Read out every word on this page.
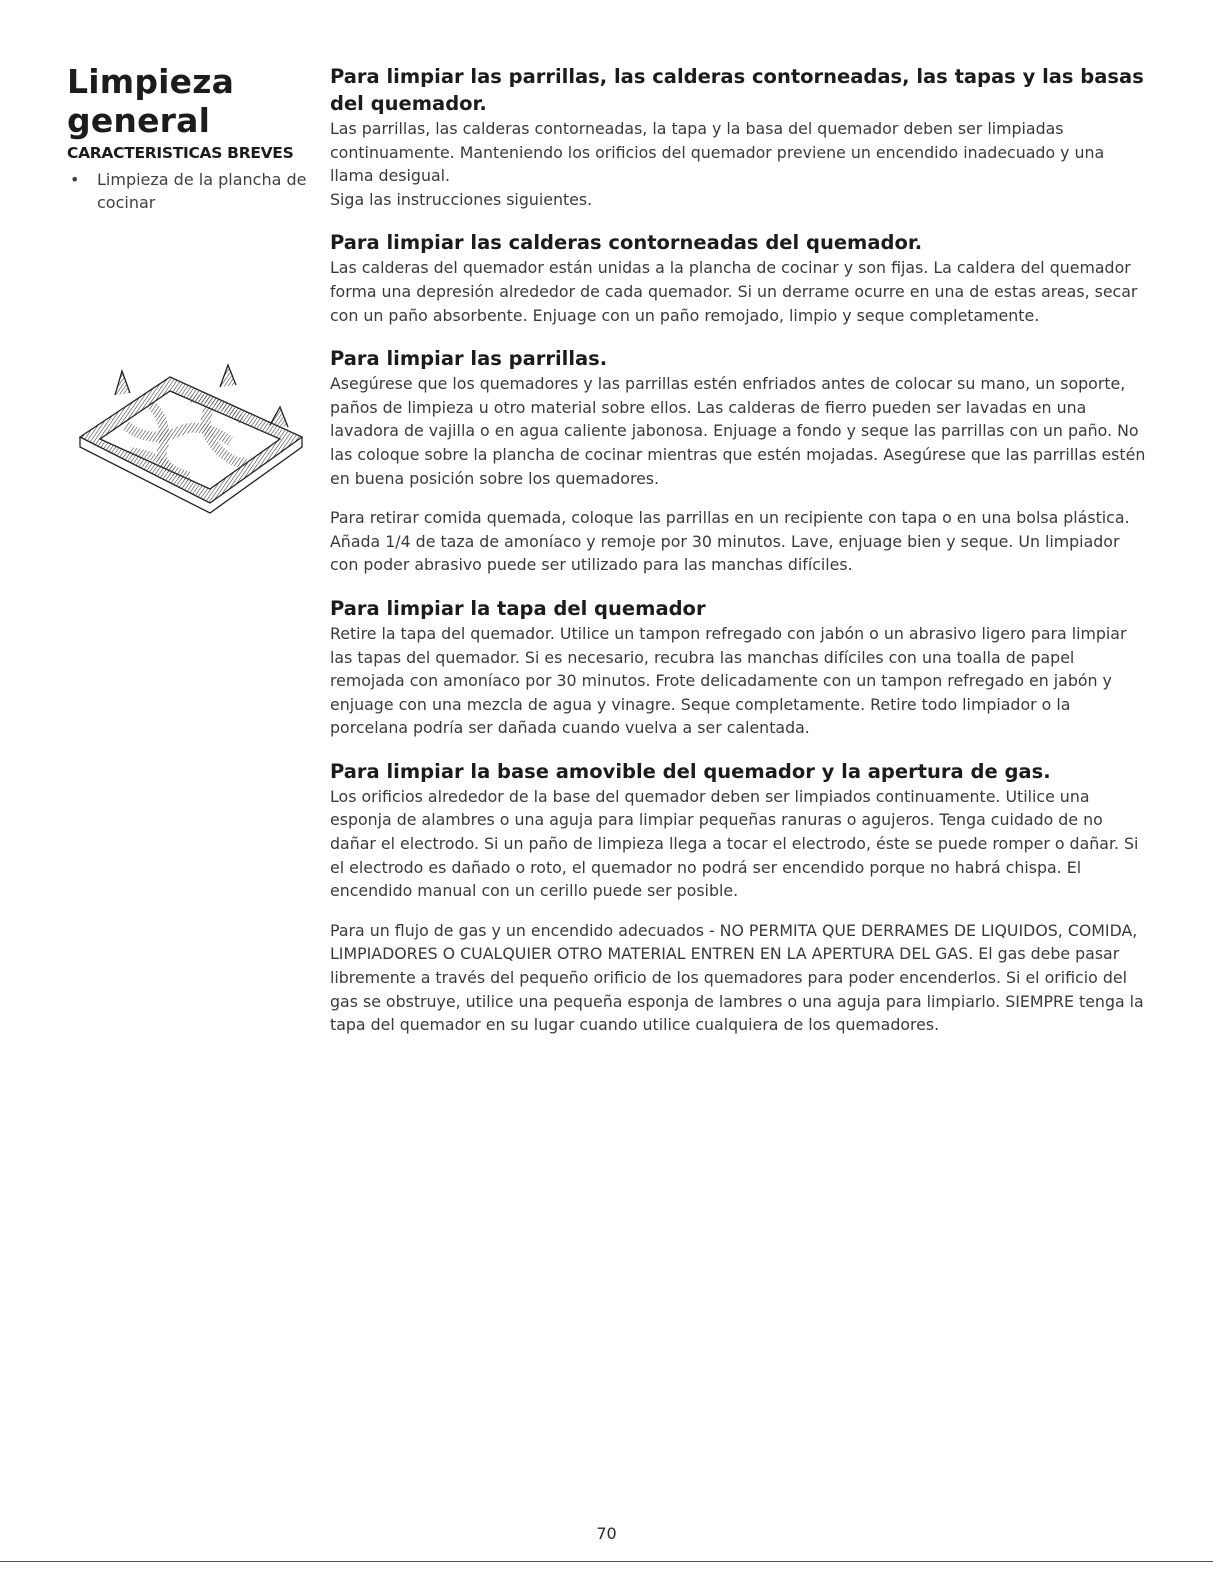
Limpieza
general
CARACTERISTICAS BREVES
• Limpieza de la plancha de cocinar
Para limpiar las parrillas, las calderas contorneadas, las tapas y las basas del quemador.

Las parrillas, las calderas contorneadas, la tapa y la basa del quemador deben ser limpiadas continuamente. Manteniendo los orificios del quemador previene un encendido inadecuado y una llama desigual.

Siga las instrucciones siguientes.

Para limpiar las calderas contorneadas del quemador.

Las calderas del quemador están unidas a la plancha de cocinar y son fijas. La caldera del quemador forma una depresión alrededor de cada quemador. Si un derrame ocurre en una de estas areas, secar con un paño absorbente. Enjuage con un paño remojado, limpio y seque completamente.

Para limpiar las parrillas.

Asegúrese que los quemadores y las parrillas estén enfriados antes de colocar su mano, un soporte, paños de limpieza u otro material sobre ellos. Las calderas de fierro pueden ser lavadas en una lavadora de vajilla o en agua caliente jabonosa. Enjuage a fondo y seque las parrillas con un paño. No las coloque sobre la plancha de cocinar mientras que estén mojadas. Asegúrese que las parrillas estén en buena posición sobre los quemadores.

Para retirar comida quemada, coloque las parrillas en un recipiente con tapa o en una bolsa plástica. Añada 1/4 de taza de amoníaco y remoje por 30 minutos. Lave, enjuage bien y seque. Un limpiador con poder abrasivo puede ser utilizado para las manchas difíciles.

Para limpiar la tapa del quemador

Retire la tapa del quemador. Utilice un tampon refregado con jabón o un abrasivo ligero para limpiar las tapas del quemador. Si es necesario, recubra las manchas difíciles con una toalla de papel remojada con amoníaco por 30 minutos. Frote delicadamente con un tampon refregado en jabón y enjuage con una mezcla de agua y vinagre. Seque completamente. Retire todo limpiador o la porcelana podría ser dañada cuando vuelva a ser calentada.

Para limpiar la base amovible del quemador y la apertura de gas.

Los orificios alrededor de la base del quemador deben ser limpiados continuamente. Utilice una esponja de alambres o una aguja para limpiar pequeñas ranuras o agujeros. Tenga cuidado de no dañar el electrodo. Si un paño de limpieza llega a tocar el electrodo, éste se puede romper o dañar. Si el electrodo es dañado o roto, el quemador no podrá ser encendido porque no habrá chispa. El encendido manual con un cerillo puede ser posible.

Para un flujo de gas y un encendido adecuados - NO PERMITA QUE DERRAMES DE LIQUIDOS, COMIDA, LIMPIADORES O CUALQUIER OTRO MATERIAL ENTREN EN LA APERTURA DEL GAS. El gas debe pasar libremente a través del pequeño orificio de los quemadores para poder encenderlos. Si el orificio del gas se obstruye, utilice una pequeña esponja de lambres o una aguja para limpiarlo. SIEMPRE tenga la tapa del quemador en su lugar cuando utilice cualquiera de los quemadores.

70
